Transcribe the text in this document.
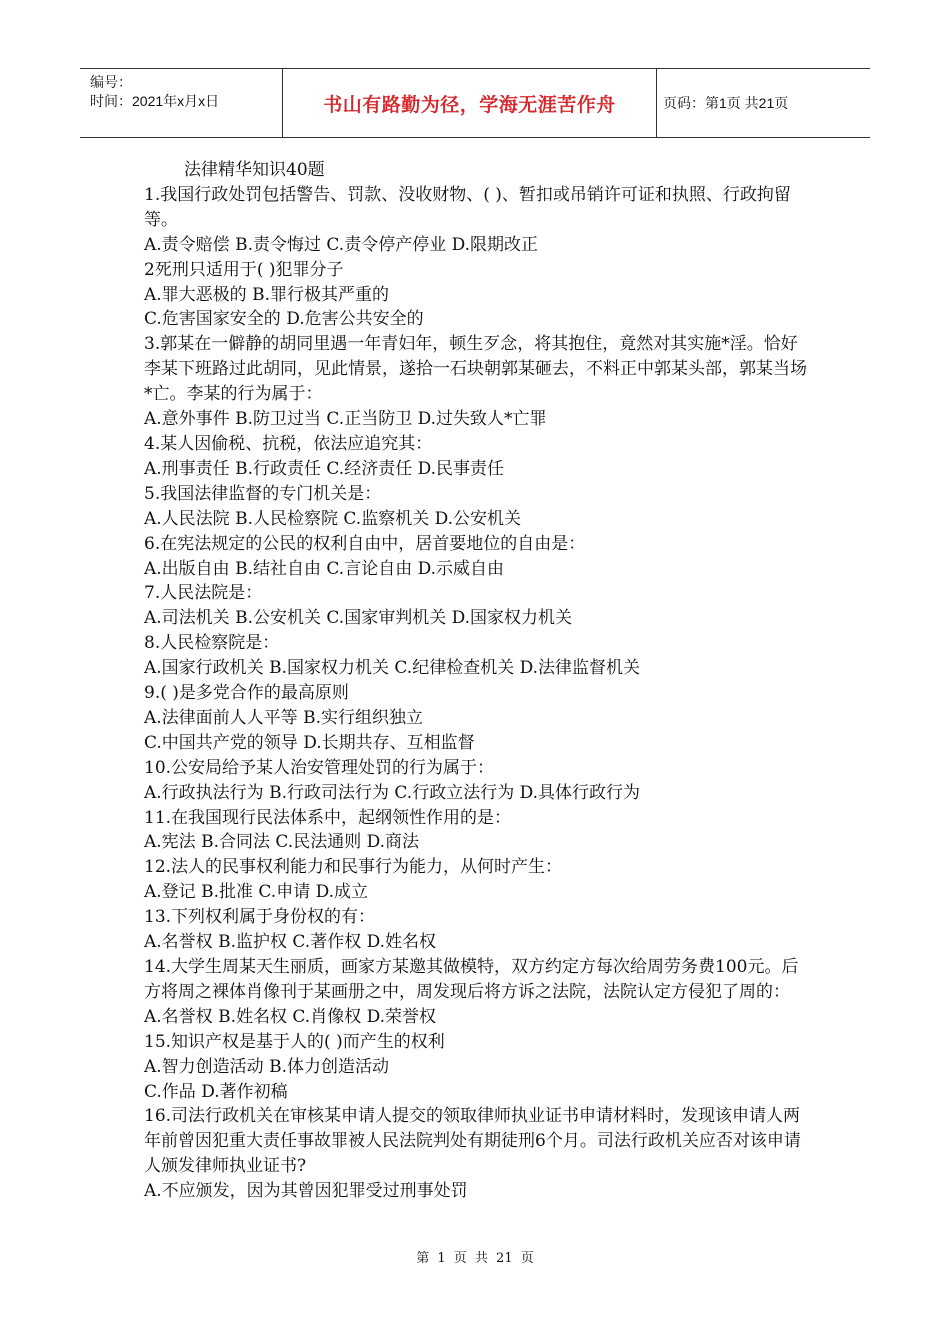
编号：
时间：2021年x月x日	书山有路勤为径，学海无涯苦作舟	页码：第1页 共21页

法律精华知识40题

1.我国行政处罚包括警告、罚款、没收财物、( )、暂扣或吊销许可证和执照、行政拘留等。

A.责令赔偿 B.责令悔过 C.责令停产停业 D.限期改正

2死刑只适用于( )犯罪分子

A.罪大恶极的 B.罪行极其严重的

C.危害国家安全的 D.危害公共安全的

3.郭某在一僻静的胡同里遇一年青妇年，顿生歹念，将其抱住，竟然对其实施*淫。恰好李某下班路过此胡同，见此情景，遂拾一石块朝郭某砸去，不料正中郭某头部，郭某当场*亡。李某的行为属于：

A.意外事件 B.防卫过当 C.正当防卫 D.过失致人*亡罪

4.某人因偷税、抗税，依法应追究其：

A.刑事责任 B.行政责任 C.经济责任 D.民事责任

5.我国法律监督的专门机关是：

A.人民法院 B.人民检察院 C.监察机关 D.公安机关

6.在宪法规定的公民的权利自由中，居首要地位的自由是：

A.出版自由 B.结社自由 C.言论自由 D.示威自由

7.人民法院是：

A.司法机关 B.公安机关 C.国家审判机关 D.国家权力机关

8.人民检察院是：

A.国家行政机关 B.国家权力机关 C.纪律检查机关 D.法律监督机关

9.( )是多党合作的最高原则

A.法律面前人人平等 B.实行组织独立

C.中国共产党的领导 D.长期共存、互相监督

10.公安局给予某人治安管理处罚的行为属于：

A.行政执法行为 B.行政司法行为 C.行政立法行为 D.具体行政行为

11.在我国现行民法体系中，起纲领性作用的是：

A.宪法 B.合同法 C.民法通则 D.商法

12.法人的民事权利能力和民事行为能力，从何时产生：

A.登记 B.批准 C.申请 D.成立

13.下列权利属于身份权的有：

A.名誉权 B.监护权 C.著作权 D.姓名权

14.大学生周某天生丽质，画家方某邀其做模特，双方约定方每次给周劳务费100元。后方将周之裸体肖像刊于某画册之中，周发现后将方诉之法院，法院认定方侵犯了周的：

A.名誉权 B.姓名权 C.肖像权 D.荣誉权

15.知识产权是基于人的( )而产生的权利

A.智力创造活动 B.体力创造活动

C.作品 D.著作初稿

16.司法行政机关在审核某申请人提交的领取律师执业证书申请材料时，发现该申请人两年前曾因犯重大责任事故罪被人民法院判处有期徒刑6个月。司法行政机关应否对该申请人颁发律师执业证书?

A.不应颁发，因为其曾因犯罪受过刑事处罚

第 1 页 共 21 页
